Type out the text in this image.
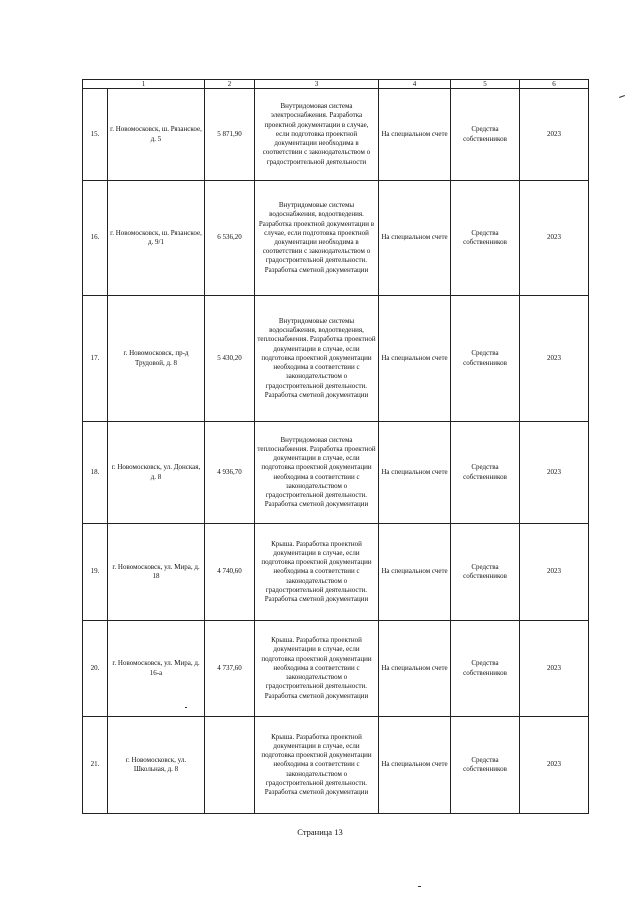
1		2	3	4	5	6
15.	г. Новомосковск, ш. Рязанское, д. 5	5 871,90	Внутридомовая система электроснабжения. Разработка проектной документации в случае, если подготовка проектной документации необходима в соответствии с законодательством о градостроительной деятельности	На специальном счете	Средства собственников	2023
16.	г. Новомосковск, ш. Рязанское, д. 9/1	6 536,20	Внутридомовые системы водоснабжения, водоотведения. Разработка проектной документации в случае, если подготовка проектной документации необходима в соответствии с законодательством о градостроительной деятельности. Разработка сметной документации	На специальном счете	Средства собственников	2023
17.	г. Новомосковск, пр-д Трудовой, д. 8	5 430,20	Внутридомовые системы водоснабжения, водоотведения, теплоснабжения. Разработка проектной документации в случае, если подготовка проектной документации необходима в соответствии с законодательством о градостроительной деятельности. Разработка сметной документации	На специальном счете	Средства собственников	2023
18.	г. Новомосковск, ул. Донская, д. 8	4 936,70	Внутридомовая система теплоснабжения. Разработка проектной документации в случае, если подготовка проектной документации необходима в соответствии с законодательством о градостроительной деятельности. Разработка сметной документации	На специальном счете	Средства собственников	2023
19.	г. Новомосковск, ул. Мира, д. 18	4 740,60	Крыша. Разработка проектной документации в случае, если подготовка проектной документации необходима в соответствии с законодательством о градостроительной деятельности. Разработка сметной документации	На специальном счете	Средства собственников	2023
20.	г. Новомосковск, ул. Мира, д. 16-а	4 737,60	Крыша. Разработка проектной документации в случае, если подготовка проектной документации необходима в соответствии с законодательством о градостроительной деятельности. Разработка сметной документации	На специальном счете	Средства собственников	2023
21.	г. Новомосковск, ул. Школьная, д. 8		Крыша. Разработка проектной документации в случае, если подготовка проектной документации необходима в соответствии с законодательством о градостроительной деятельности. Разработка сметной документации	На специальном счете	Средства собственников	2023
Страница 13
